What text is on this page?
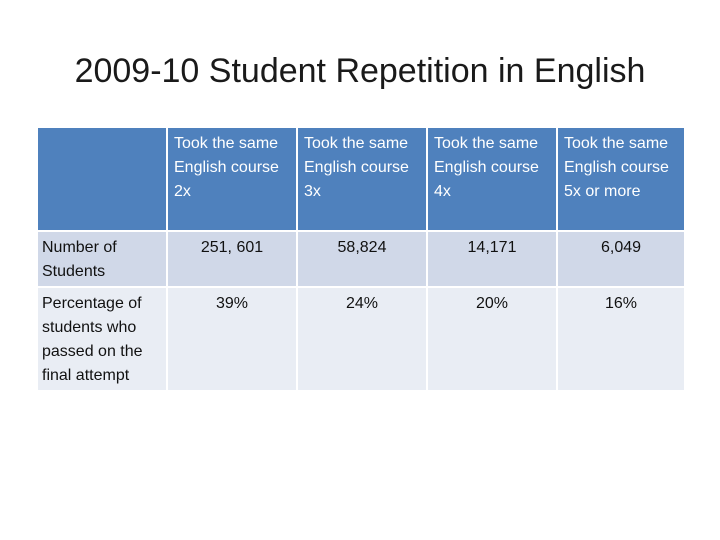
2009-10 Student Repetition in English
	Took the same English course 2x	Took the same English course 3x	Took the same English course 4x	Took the same English course 5x or more
Number of Students	251, 601	58,824	14,171	6,049
Percentage of students who passed on the final attempt	39%	24%	20%	16%
